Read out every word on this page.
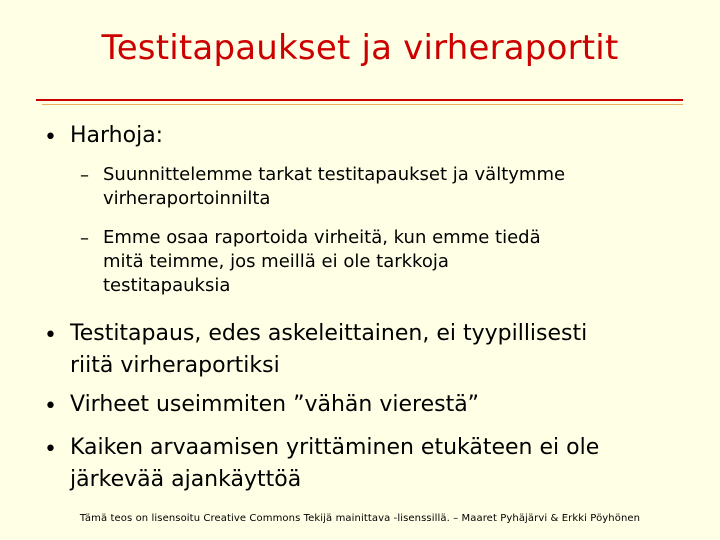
Testitapaukset ja virheraportit
• Harhoja:
– Suunnittelemme tarkat testitapaukset ja vältymme
virheraportoinnilta
– Emme osaa raportoida virheitä, kun emme tiedä
mitä teimme, jos meillä ei ole tarkkoja
testitapauksia
• Testitapaus, edes askeleittainen, ei tyypillisesti
riitä virheraportiksi
• Virheet useimmiten ”vähän vierestä”
• Kaiken arvaamisen yrittäminen etukäteen ei ole
järkevää ajankäyttöä
Tämä teos on lisensoitu Creative Commons Tekijä mainittava -lisenssillä. – Maaret Pyhäjärvi & Erkki Pöyhönen
